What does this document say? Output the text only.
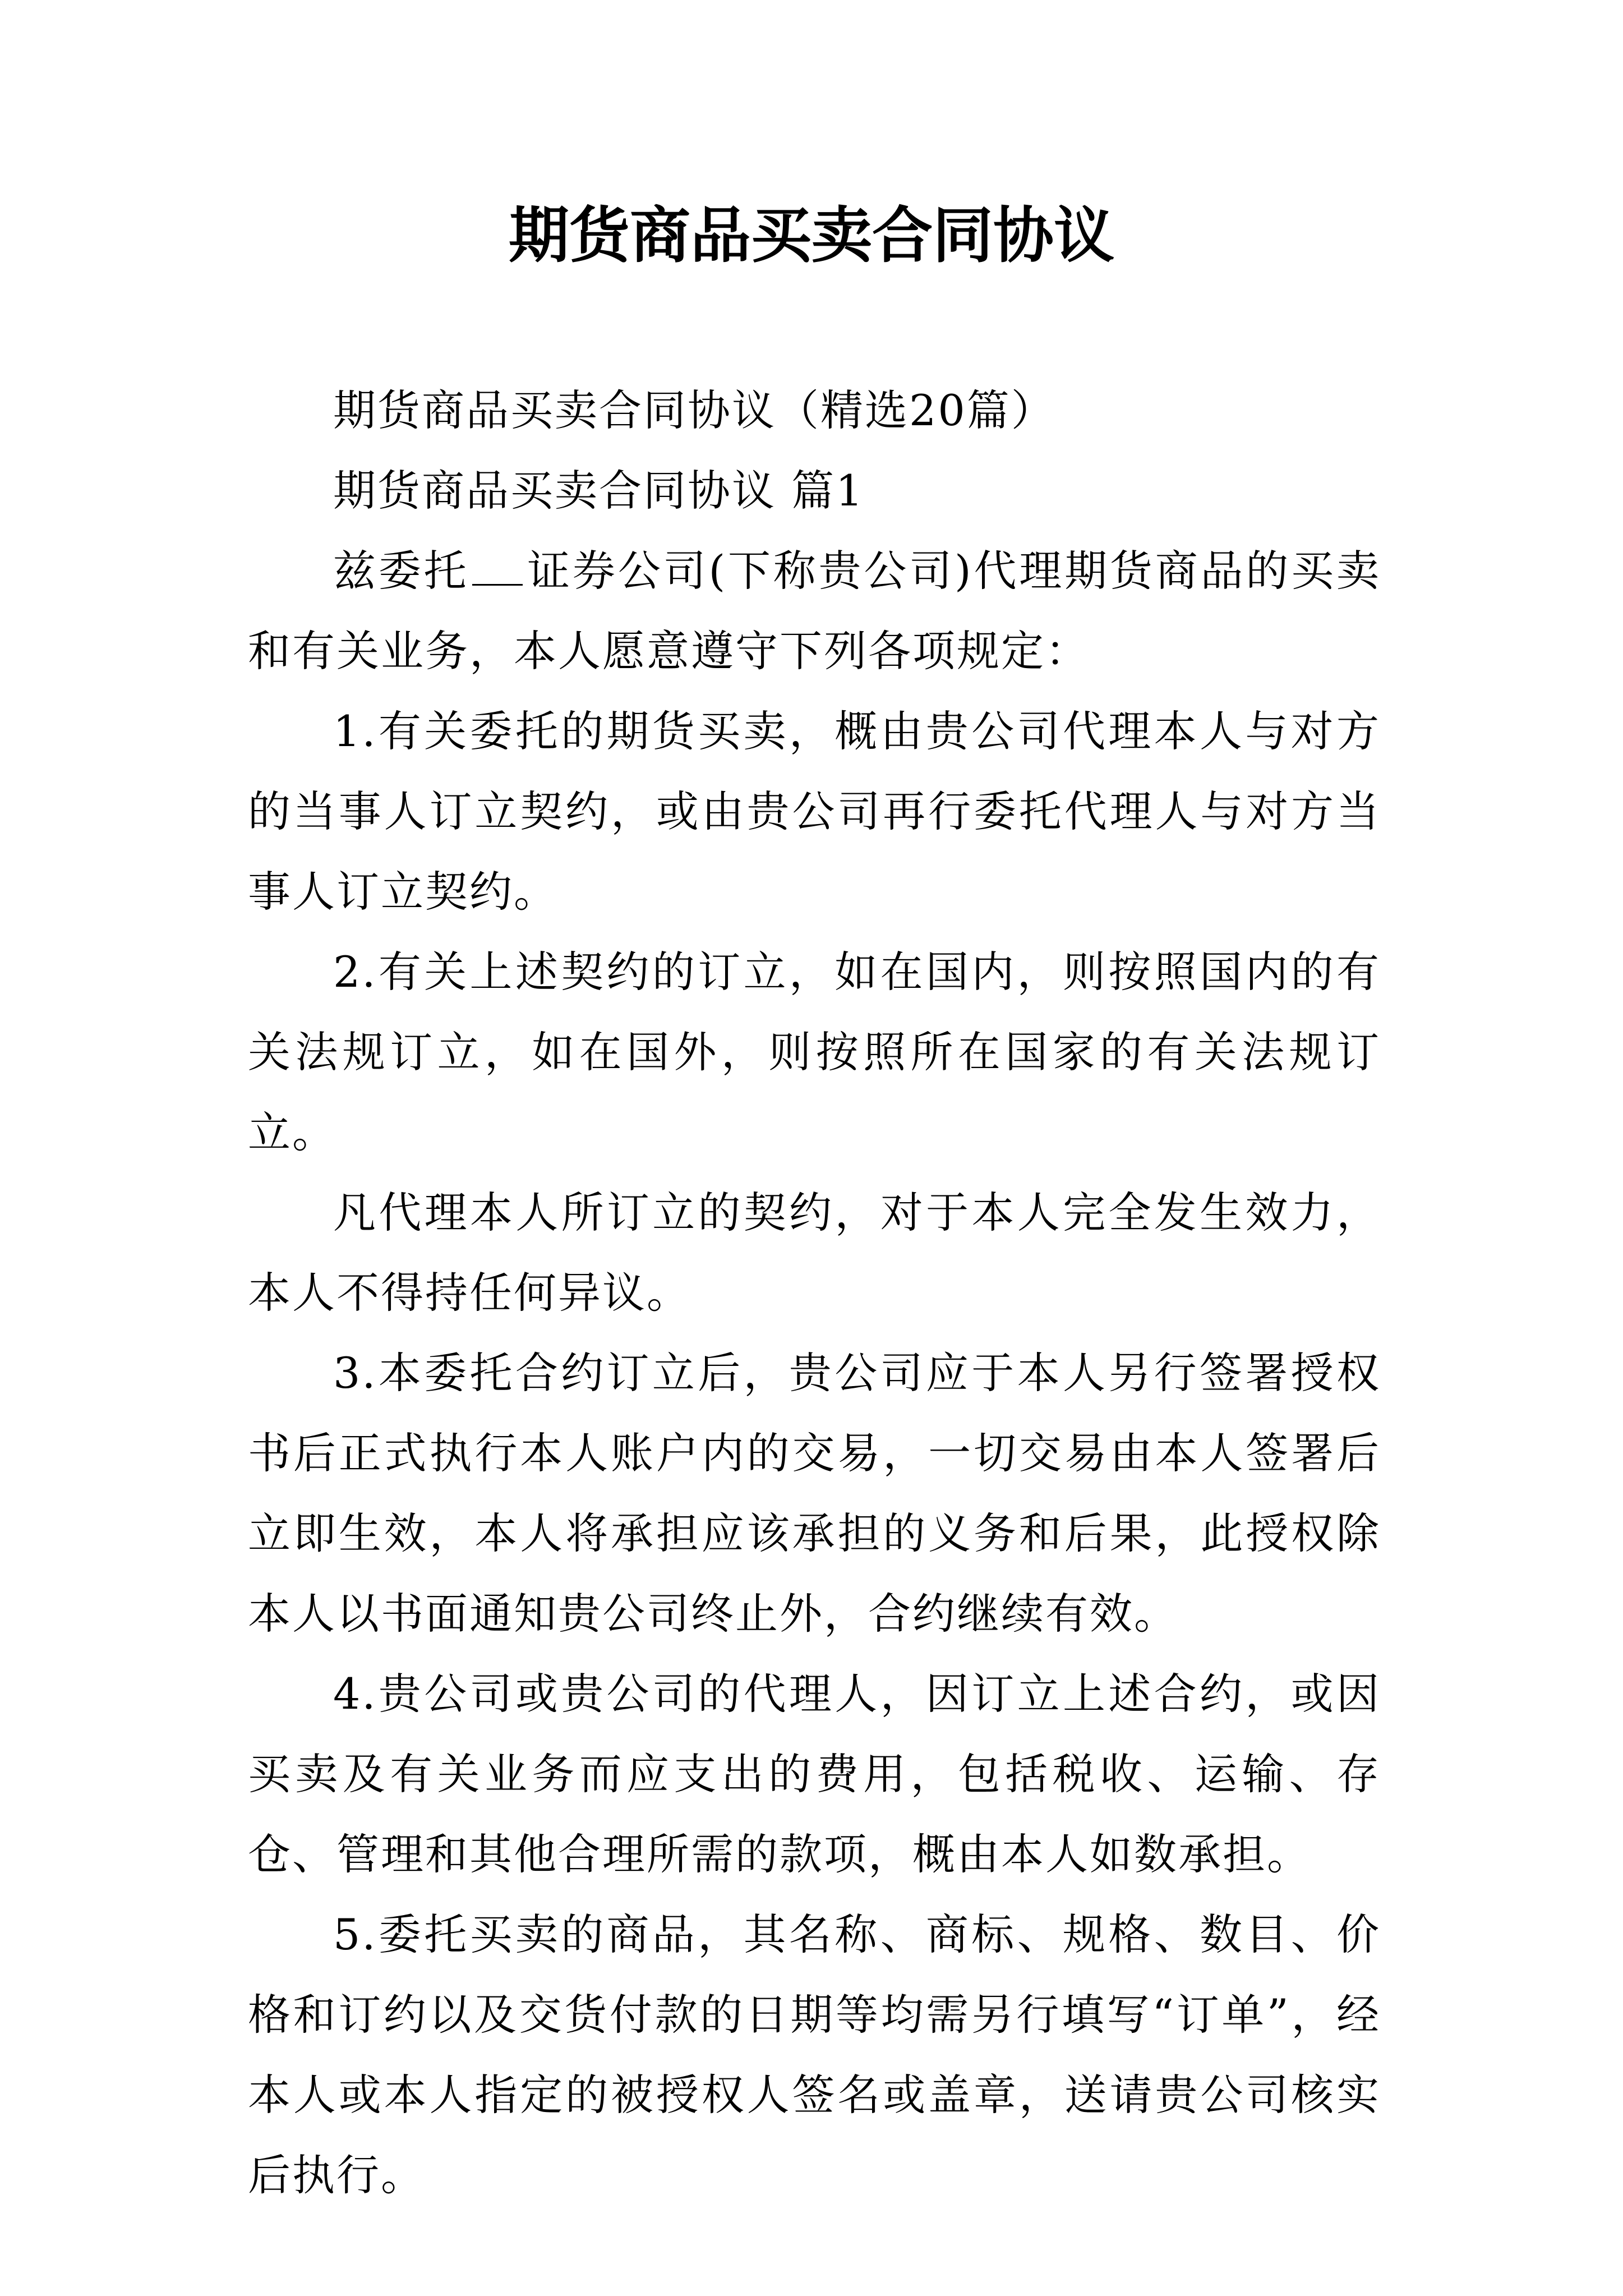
期货商品买卖合同协议

期货商品买卖合同协议（精选20篇）

期货商品买卖合同协议 篇1

兹委托 证券公司(下称贵公司)代理期货商品的买卖和有关业务，本人愿意遵守下列各项规定：

1.有关委托的期货买卖，概由贵公司代理本人与对方的当事人订立契约，或由贵公司再行委托代理人与对方当事人订立契约。

2.有关上述契约的订立，如在国内，则按照国内的有关法规订立，如在国外，则按照所在国家的有关法规订立。

凡代理本人所订立的契约，对于本人完全发生效力，本人不得持任何异议。

3.本委托合约订立后，贵公司应于本人另行签署授权书后正式执行本人账户内的交易，一切交易由本人签署后立即生效，本人将承担应该承担的义务和后果，此授权除本人以书面通知贵公司终止外，合约继续有效。

4.贵公司或贵公司的代理人，因订立上述合约，或因买卖及有关业务而应支出的费用，包括税收、运输、存仓、管理和其他合理所需的款项，概由本人如数承担。

5.委托买卖的商品，其名称、商标、规格、数目、价格和订约以及交货付款的日期等均需另行填写“订单”，经本人或本人指定的被授权人签名或盖章，送请贵公司核实后执行。
